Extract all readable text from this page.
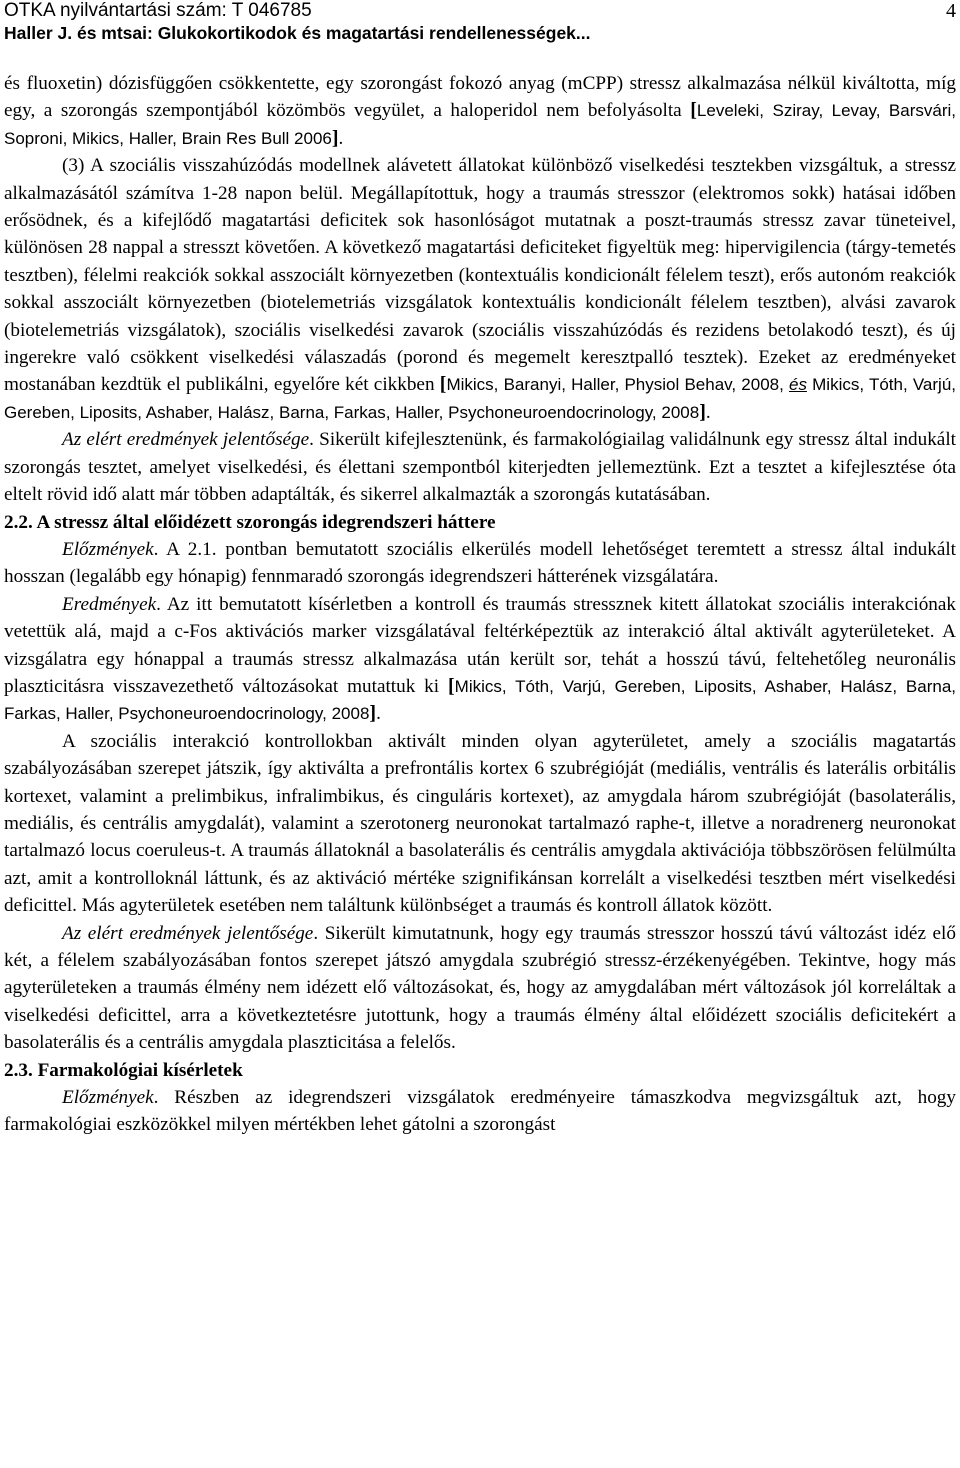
OTKA nyilvántartási szám: T 046785	4
Haller J. és mtsai: Glukokortikodok és magatartási rendellenességek...

és fluoxetin) dózisfüggően csökkentette, egy szorongást fokozó anyag (mCPP) stressz alkalmazása nélkül kiváltotta, míg egy, a szorongás szempontjából közömbös vegyület, a haloperidol nem befolyásolta [Leveleki, Sziray, Levay, Barsvári, Soproni, Mikics, Haller, Brain Res Bull 2006].

(3) A szociális visszahúzódás modellnek alávetett állatokat különböző viselkedési tesztekben vizsgáltuk, a stressz alkalmazásától számítva 1-28 napon belül. Megállapítottuk, hogy a traumás stresszor (elektromos sokk) hatásai időben erősödnek, és a kifejlődő magatartási deficitek sok hasonlóságot mutatnak a poszt-traumás stressz zavar tüneteivel, különösen 28 nappal a stresszt követően. A következő magatartási deficiteket figyeltük meg: hipervigilencia (tárgy-temetés tesztben), félelmi reakciók sokkal asszociált környezetben (kontextuális kondicionált félelem teszt), erős autonóm reakciók sokkal asszociált környezetben (biotelemetriás vizsgálatok kontextuális kondicionált félelem tesztben), alvási zavarok (biotelemetriás vizsgálatok), szociális viselkedési zavarok (szociális visszahúzódás és rezidens betolakodó teszt), és új ingerekre való csökkent viselkedési válaszadás (porond és megemelt keresztpalló tesztek). Ezeket az eredményeket mostanában kezdtük el publikálni, egyelőre két cikkben [Mikics, Baranyi, Haller, Physiol Behav, 2008, és Mikics, Tóth, Varjú, Gereben, Liposits, Ashaber, Halász, Barna, Farkas, Haller, Psychoneuroendocrinology, 2008].

Az elért eredmények jelentősége. Sikerült kifejlesztenünk, és farmakológiailag validálnunk egy stressz által indukált szorongás tesztet, amelyet viselkedési, és élettani szempontból kiterjedten jellemeztünk. Ezt a tesztet a kifejlesztése óta eltelt rövid idő alatt már többen adaptálták, és sikerrel alkalmazták a szorongás kutatásában.

2.2. A stressz által előidézett szorongás idegrendszeri háttere

Előzmények. A 2.1. pontban bemutatott szociális elkerülés modell lehetőséget teremtett a stressz által indukált hosszan (legalább egy hónapig) fennmaradó szorongás idegrendszeri hátterének vizsgálatára.

Eredmények. Az itt bemutatott kísérletben a kontroll és traumás stressznek kitett állatokat szociális interakciónak vetettük alá, majd a c-Fos aktivációs marker vizsgálatával feltérképeztük az interakció által aktivált agyterületeket. A vizsgálatra egy hónappal a traumás stressz alkalmazása után került sor, tehát a hosszú távú, feltehetőleg neuronális plaszticitásra visszavezethető változásokat mutattuk ki [Mikics, Tóth, Varjú, Gereben, Liposits, Ashaber, Halász, Barna, Farkas, Haller, Psychoneuroendocrinology, 2008].

A szociális interakció kontrollokban aktivált minden olyan agyterületet, amely a szociális magatartás szabályozásában szerepet játszik, így aktiválta a prefrontális kortex 6 szubrégióját (mediális, ventrális és laterális orbitális kortexet, valamint a prelimbikus, infralimbikus, és cinguláris kortexet), az amygdala három szubrégióját (basolaterális, mediális, és centrális amygdalát), valamint a szerotonerg neuronokat tartalmazó raphe-t, illetve a noradrenerg neuronokat tartalmazó locus coeruleus-t. A traumás állatoknál a basolaterális és centrális amygdala aktivációja többszörösen felülmúlta azt, amit a kontrolloknál láttunk, és az aktiváció mértéke szignifikánsan korrelált a viselkedési tesztben mért viselkedési deficittel. Más agyterületek esetében nem találtunk különbséget a traumás és kontroll állatok között.

Az elért eredmények jelentősége. Sikerült kimutatnunk, hogy egy traumás stresszor hosszú távú változást idéz elő két, a félelem szabályozásában fontos szerepet játszó amygdala szubrégió stressz-érzékenyégében. Tekintve, hogy más agyterületeken a traumás élmény nem idézett elő változásokat, és, hogy az amygdalában mért változások jól korreláltak a viselkedési deficittel, arra a következtetésre jutottunk, hogy a traumás élmény által előidézett szociális deficitekért a basolaterális és a centrális amygdala plaszticitása a felelős.

2.3. Farmakológiai kísérletek

Előzmények. Részben az idegrendszeri vizsgálatok eredményeire támaszkodva megvizsgáltuk azt, hogy farmakológiai eszközökkel milyen mértékben lehet gátolni a szorongást
